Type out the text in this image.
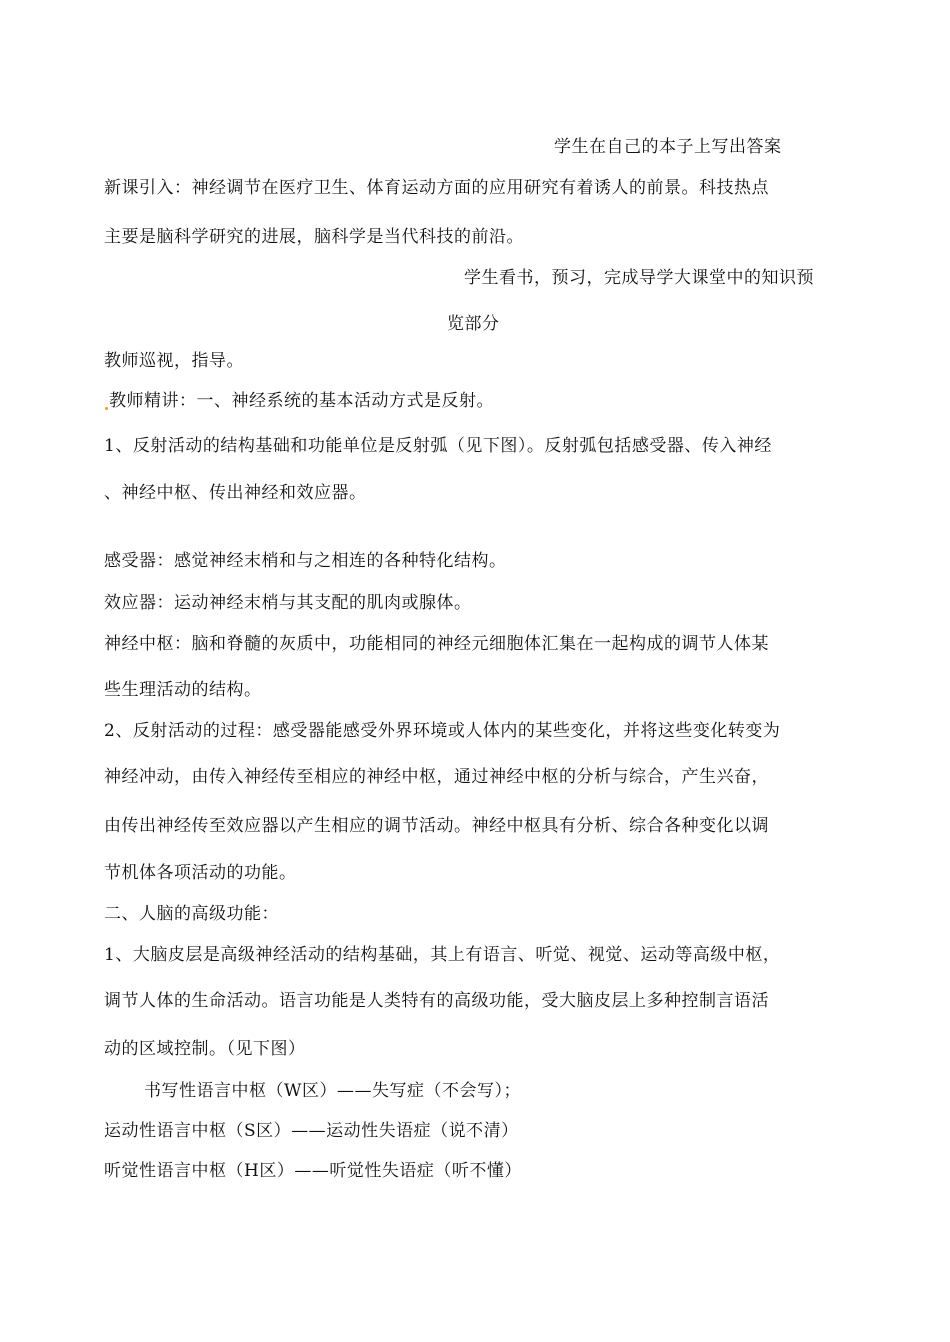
学生在自己的本子上写出答案
新课引入：神经调节在医疗卫生、体育运动方面的应用研究有着诱人的前景。科技热点
主要是脑科学研究的进展，脑科学是当代科技的前沿。
学生看书，预习，完成导学大课堂中的知识预
览部分
教师巡视，指导。
教师精讲：一、神经系统的基本活动方式是反射。
1、反射活动的结构基础和功能单位是反射弧（见下图）。反射弧包括感受器、传入神经
、神经中枢、传出神经和效应器。
感受器：感觉神经末梢和与之相连的各种特化结构。
效应器：运动神经末梢与其支配的肌肉或腺体。
神经中枢：脑和脊髓的灰质中，功能相同的神经元细胞体汇集在一起构成的调节人体某
些生理活动的结构。
2、反射活动的过程：感受器能感受外界环境或人体内的某些变化，并将这些变化转变为
神经冲动，由传入神经传至相应的神经中枢，通过神经中枢的分析与综合，产生兴奋，
由传出神经传至效应器以产生相应的调节活动。神经中枢具有分析、综合各种变化以调
节机体各项活动的功能。
二、人脑的高级功能：
1、大脑皮层是高级神经活动的结构基础，其上有语言、听觉、视觉、运动等高级中枢，
调节人体的生命活动。语言功能是人类特有的高级功能，受大脑皮层上多种控制言语活
动的区域控制。（见下图）
书写性语言中枢（W区）——失写症（不会写）；
运动性语言中枢（S区）——运动性失语症（说不清）
听觉性语言中枢（H区）——听觉性失语症（听不懂）
